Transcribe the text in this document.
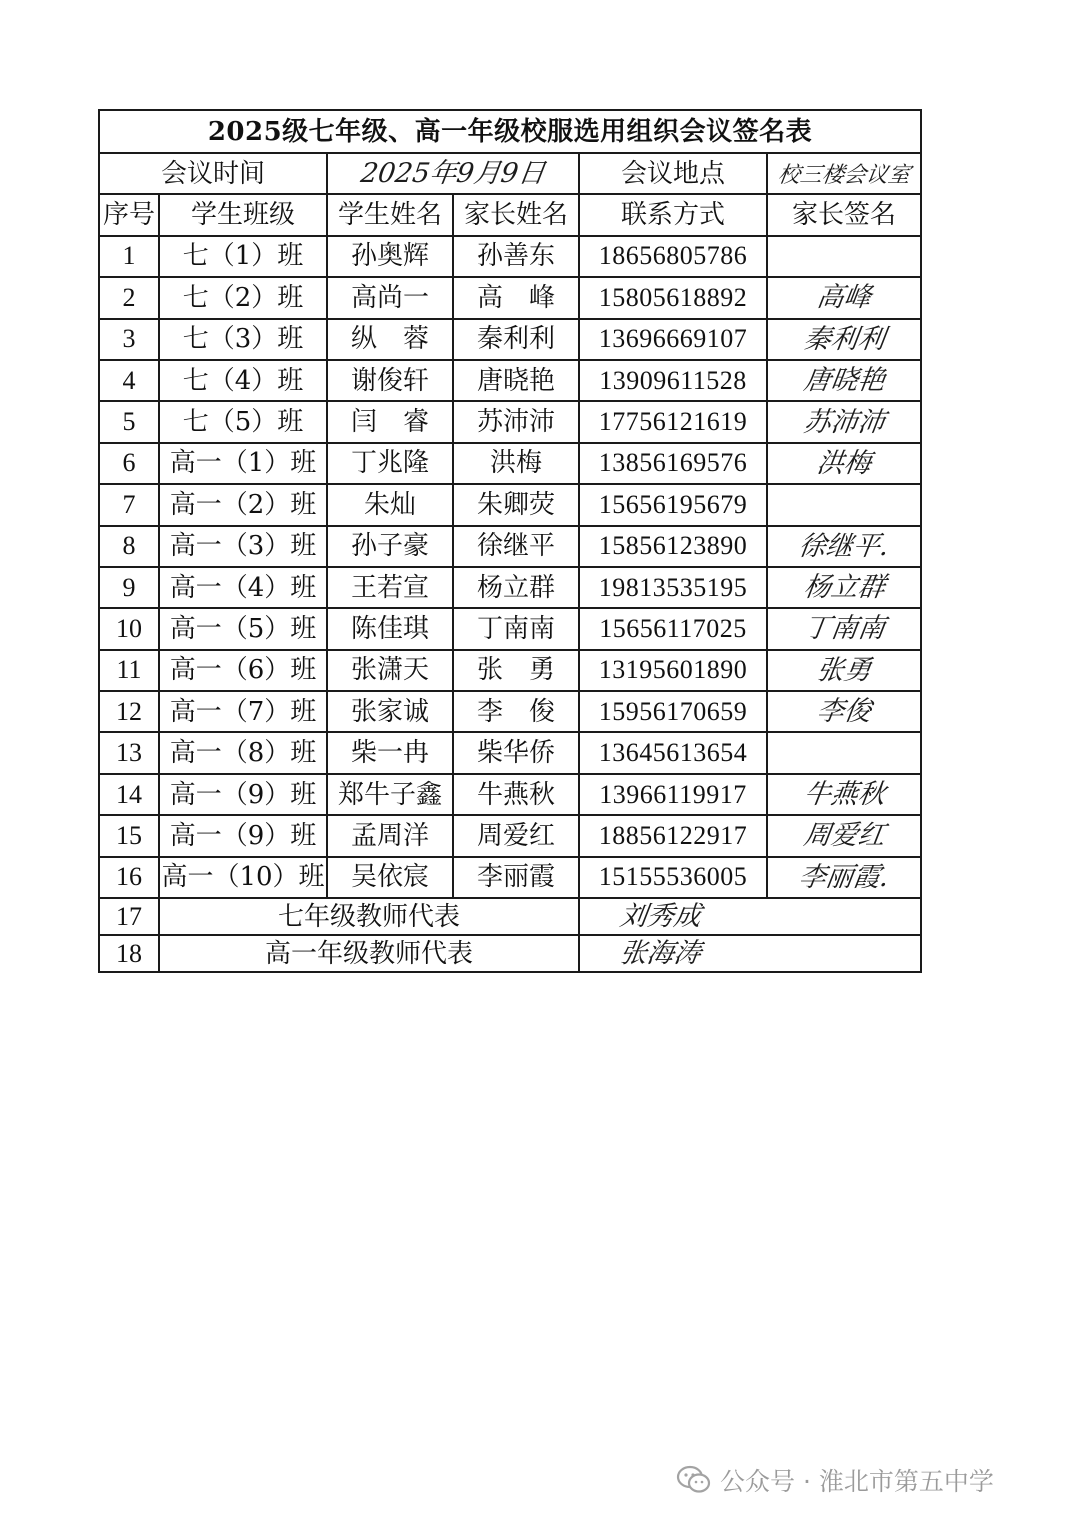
2025级七年级、高一年级校服选用组织会议签名表					
会议时间		2025年9月9日		会议地点	校三楼会议室
序号	学生班级	学生姓名	家长姓名	联系方式	家长签名
1	七（1）班	孙奥辉	孙善东	18656805786	
2	七（2）班	高尚一	高　峰	15805618892	高峰
3	七（3）班	纵　蓉	秦利利	13696669107	秦利利
4	七（4）班	谢俊轩	唐晓艳	13909611528	唐晓艳
5	七（5）班	闫　睿	苏沛沛	17756121619	苏沛沛
6	高一（1）班	丁兆隆	洪梅	13856169576	洪梅
7	高一（2）班	朱灿	朱卿荧	15656195679	
8	高一（3）班	孙子豪	徐继平	15856123890	徐继平.
9	高一（4）班	王若宣	杨立群	19813535195	杨立群
10	高一（5）班	陈佳琪	丁南南	15656117025	丁南南
11	高一（6）班	张潇天	张　勇	13195601890	张勇
12	高一（7）班	张家诚	李　俊	15956170659	李俊
13	高一（8）班	柴一冉	柴华侨	13645613654	
14	高一（9）班	郑牛子鑫	牛燕秋	13966119917	牛燕秋
15	高一（9）班	孟周洋	周爱红	18856122917	周爱红
16	高一（10）班	吴依宸	李丽霞	15155536005	李丽霞.
17	七年级教师代表			刘秀成	
18	高一年级教师代表			张海涛	
公众号 · 淮北市第五中学
